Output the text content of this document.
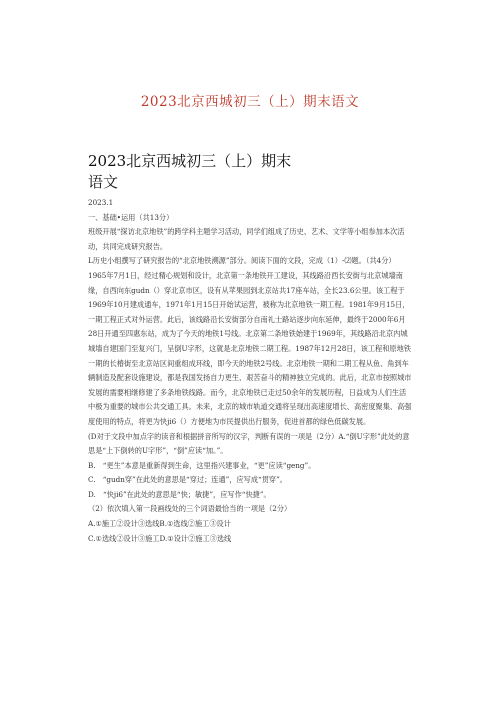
2023北京西城初三（上）期末语文
2023北京西城初三（上）期末
语文

2023.1

一、基础•运用（共13分）

班级开展“探访北京地铁”的跨学科主题学习活动，同学们组成了历史、艺术、文学等小组参加本次活动，共同完成研究报告。

L历史小组撰写了研究报告的“北京地铁溯源”部分。阅读下面的文段，完成（1）-⑵题。（共4分）

1965年7月1日，经过精心规划和设计，北京第一条地铁开工建设，其线路沿西长安街与北京城墙南缘，自西向东gudn（）穿北京市区，设有从苹果园到北京站共17座车站，全长23.6公里。该工程于1969年10月建成通车，1971年1月15日开始试运营，被称为北京地铁一期工程。1981年9月15日，一期工程正式对外运营。此后，该线路沿长安街部分自南礼士路站逐步向东延伸，最终于2000年6月28日开通至四惠东站，成为了今天的地铁1号线。北京第二条地铁始建于1969年，其线路沿北京内城城墙自建国门至复兴门，呈倒U字形，这就是北京地铁二期工程。1987年12月28日，该工程和原地铁一期的长椿街至北京站区间重组成环线，即今天的地铁2号线。北京地铁一期和二期工程从鱼、角到车辆制造及配套设施建设，都是我国发扬自力更生、艰苦奋斗的精神独立完成的。此后，北京市按照城市发展的需要相继修建了多条地铁线路。而今，北京地铁已走过50余年的发展历程，日益成为人们生活中极为重要的城市公共交通工具。未来，北京的城市轨道交通将呈现出高速度增长、高密度聚集、高强度使用的特点，将更为快ji6（）方便地为市民提供出行服务，促进首都的绿色低碳发展。

(D对于文段中加点字的读音和根据拼音所写的汉字，判断有误的一项是（2分）A.“倒U字形”此处的意思是“上下倒转的U字形”，“倒”应读“加。”。

B.　“更生”本意是重新得到生命，这里指兴建事业，“更”应读“geng”。

C.　“gudn穿”在此处的意思是“穿过；连通”，应写成“贯穿”。

D.　“快ji6”在此处的意思是“快；敏捷”，应写作“快捷”。

（2）依次填入第一段画线处的三个词语最恰当的一项是（2分）

A.①施工②设计③选线B.①选线②施工③设计

C.①选线②设计③施工D.①设计②施工③选线
